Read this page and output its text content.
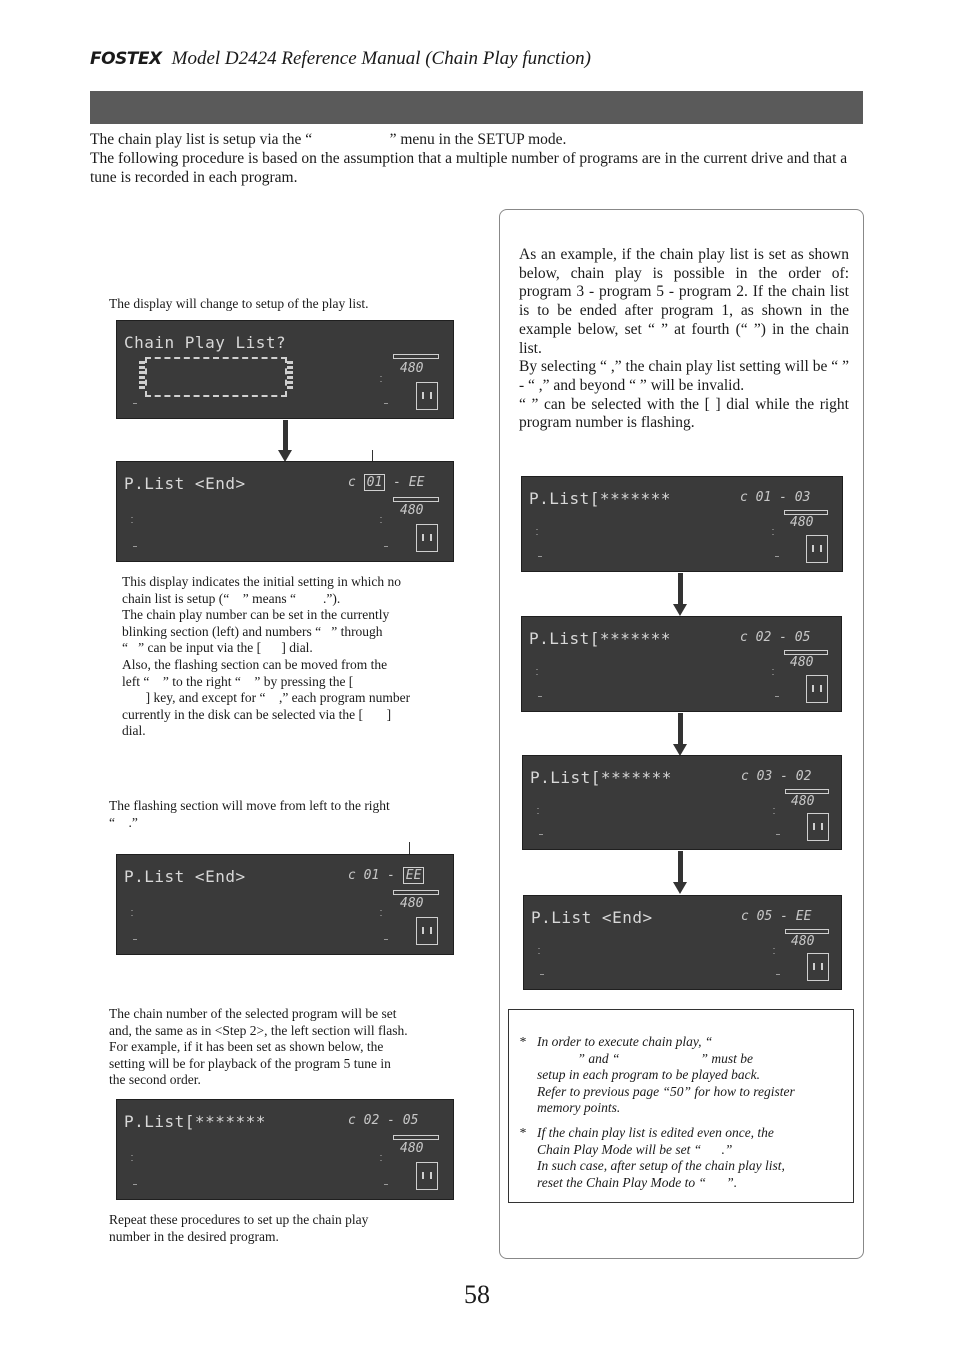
FOSTEX Model D2424 Reference Manual (Chain Play function)

The chain play list is setup via the “                    ” menu in the SETUP mode.

The following procedure is based on the assumption that a multiple number of programs are in the current drive and that a tune is recorded in each program.

The display will change to setup of the play list.
Chain Play List?
480
P.List <End>	c 01 - EE
480
This display indicates the initial setting in which no
chain list is setup (“    ” means “        .”).
The chain play number can be set in the currently
blinking section (left) and numbers “   ” through
“   ” can be input via the [      ] dial.
Also, the flashing section can be moved from the
left “    ” to the right “    ” by pressing the [
] key, and except for “    ,” each program number
currently in the disk can be selected via the [       ]
dial.
The flashing section will move from left to the right
“    .”
P.List <End>	c 01 - EE
480
The chain number of the selected program will be set
and, the same as in <Step 2>, the left section will flash.
For example, if it has been set as shown below, the
setting will be for playback of the program 5 tune in
the second order.
P.List[*******	c 02 - 05
480
Repeat these procedures to set up the chain play
number in the desired program.

As an example, if the chain play list is set as shown below, chain play is possible in the order of: program 3 - program 5 - program 2. If the chain list is to be ended after program 1, as shown in the example below, set “ ” at fourth (“ ”) in the chain list.

By selecting “ ,” the chain play list setting will be “ ” - “ ,” and beyond “ ” will be invalid.

“ ” can be selected with the [ ] dial while the right program number is flashing.

P.List[*******	c 01 - 03
480
P.List[*******	c 02 - 05
480
P.List[*******	c 03 - 02
480
P.List <End>	c 05 - EE
480
* In order to execute chain play, “
” and “                        ” must be
setup in each program to be played back.
Refer to previous page “50” for how to register
memory points.
* If the chain play list is edited even once, the
Chain Play Mode will be set “      .”
In such case, after setup of the chain play list,
reset the Chain Play Mode to “      ”.
58
